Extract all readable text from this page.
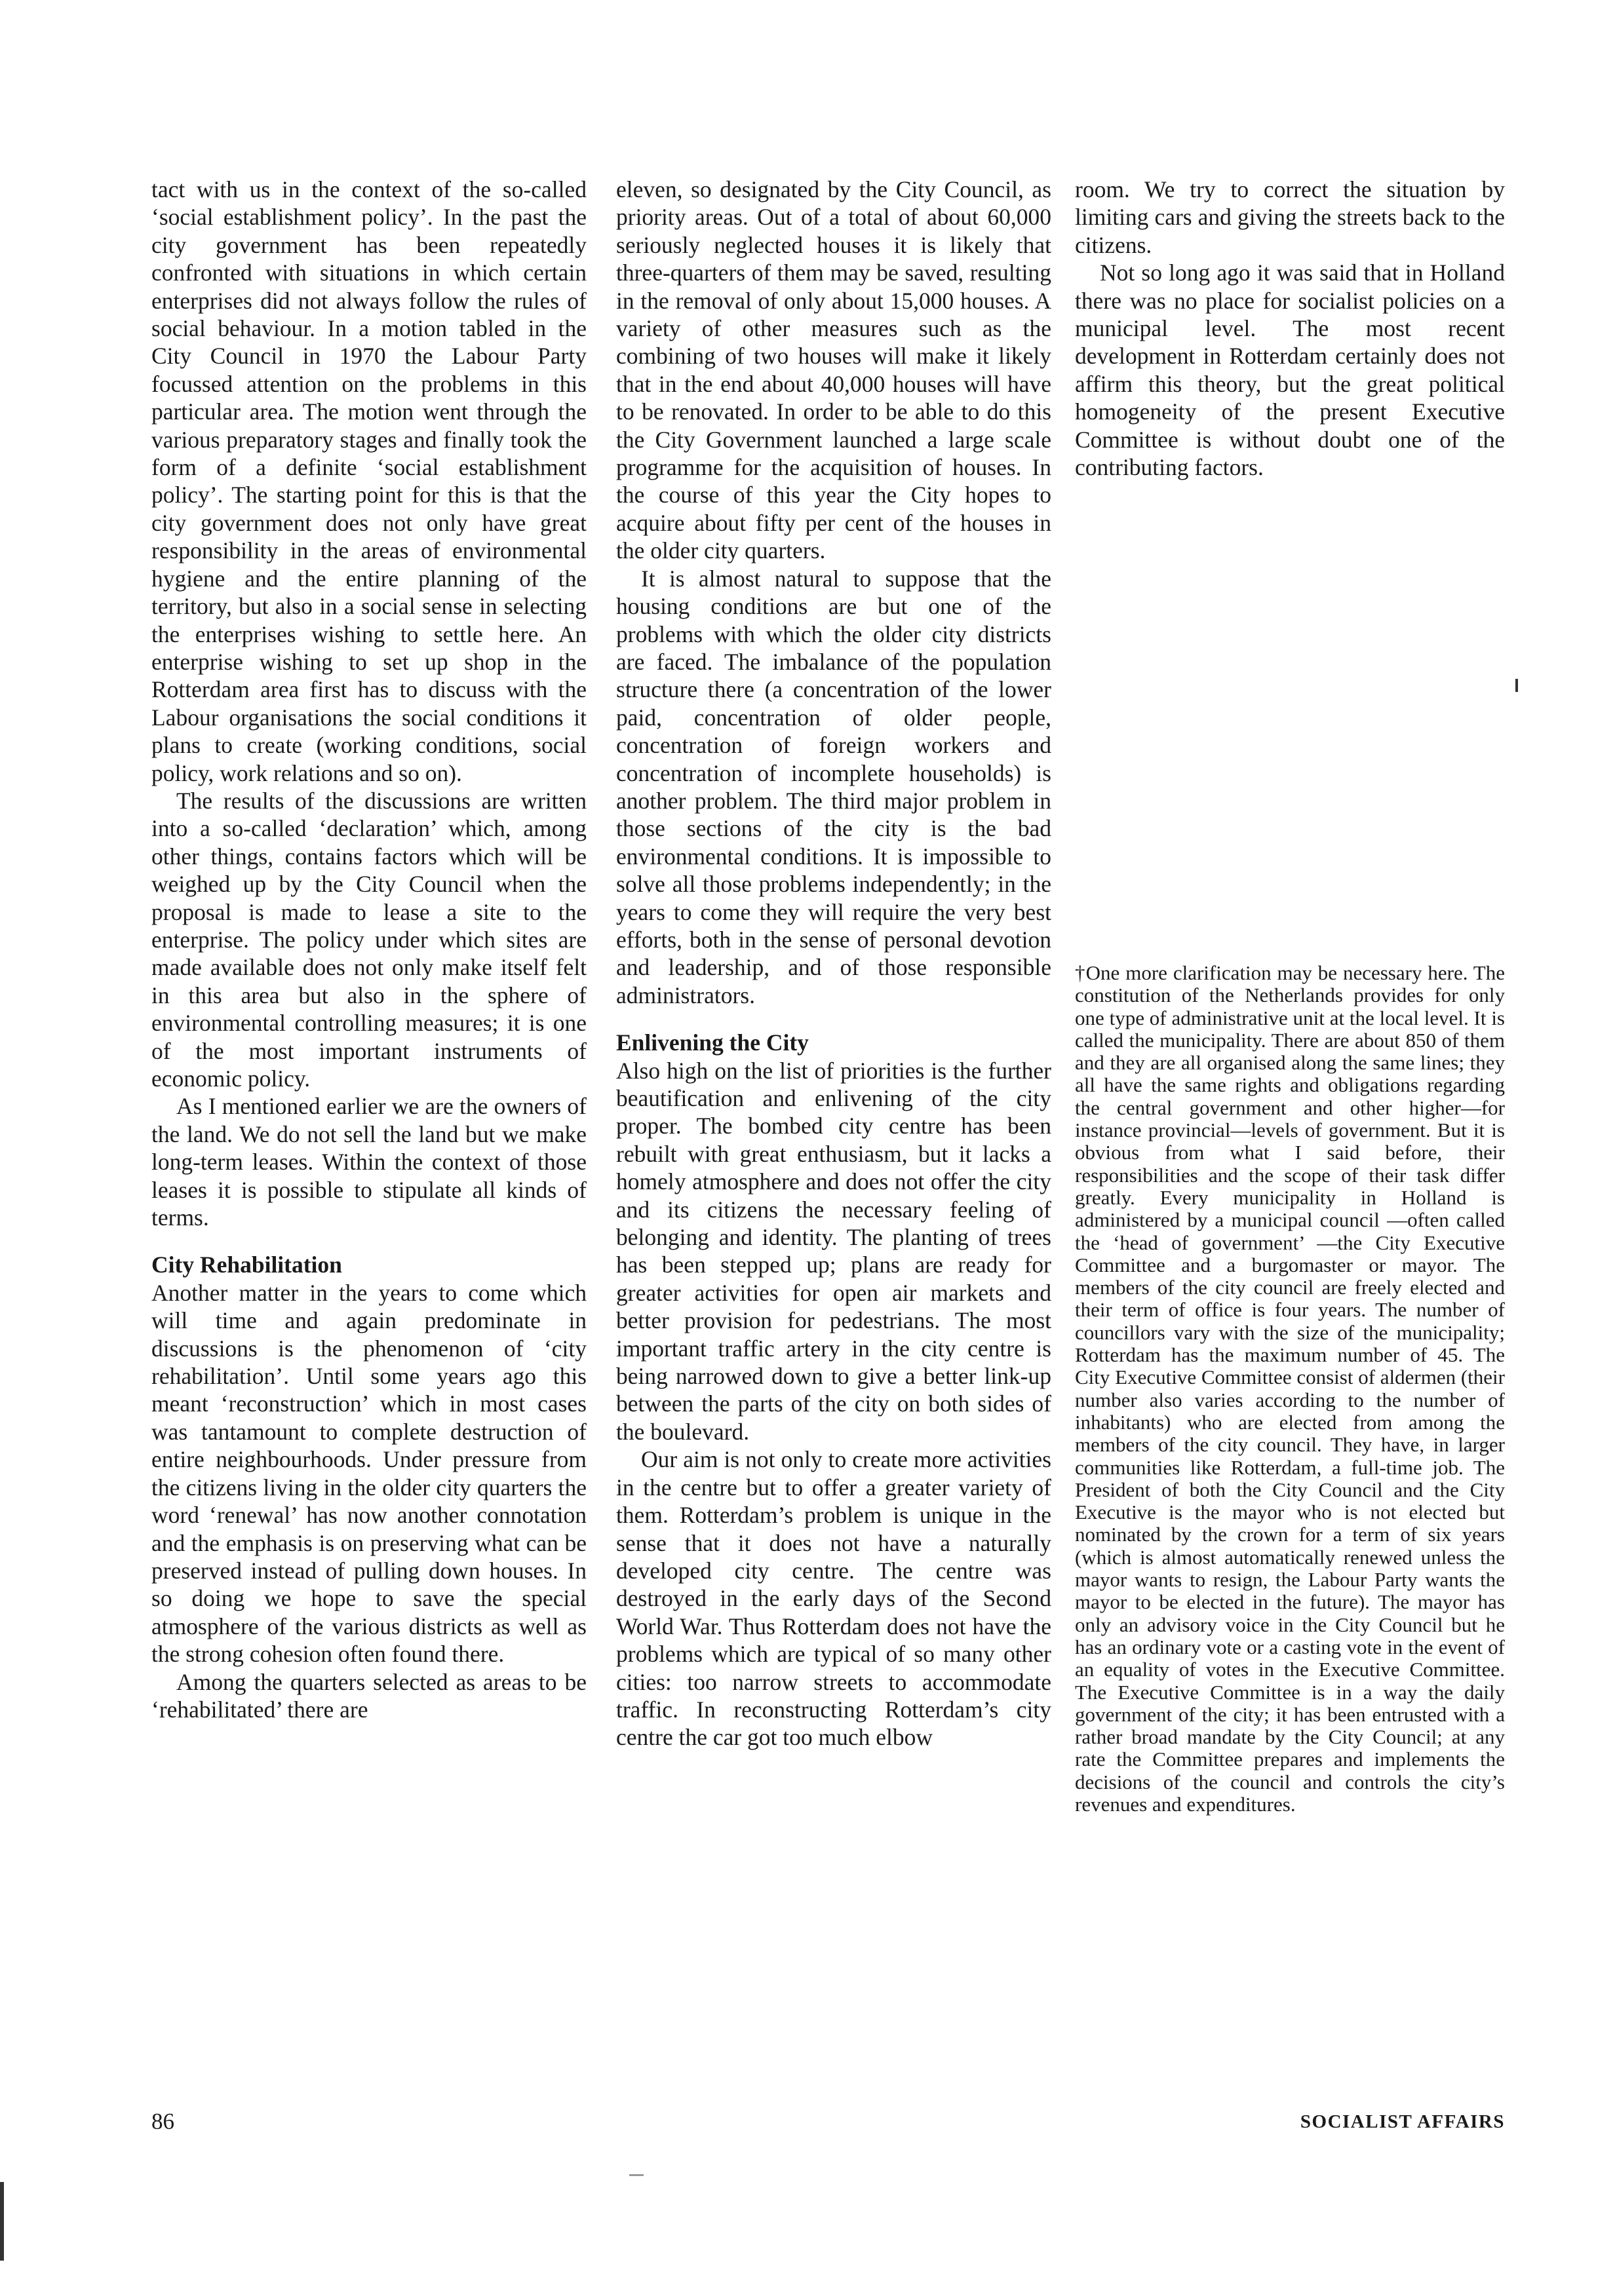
tact with us in the context of the so-called ‘social establishment policy’. In the past the city government has been repeatedly confronted with situations in which certain enterprises did not always follow the rules of social behaviour. In a motion tabled in the City Council in 1970 the Labour Party focussed attention on the problems in this particular area. The motion went through the various preparatory stages and finally took the form of a definite ‘social establishment policy’. The starting point for this is that the city government does not only have great responsibility in the areas of environmental hygiene and the entire planning of the territory, but also in a social sense in selecting the enterprises wishing to settle here. An enterprise wishing to set up shop in the Rotterdam area first has to discuss with the Labour organisations the social conditions it plans to create (working conditions, social policy, work relations and so on).

The results of the discussions are written into a so-called ‘declaration’ which, among other things, contains factors which will be weighed up by the City Council when the proposal is made to lease a site to the enterprise. The policy under which sites are made available does not only make itself felt in this area but also in the sphere of environmental controlling measures; it is one of the most important instruments of economic policy.

As I mentioned earlier we are the owners of the land. We do not sell the land but we make long-term leases. Within the context of those leases it is possible to stipulate all kinds of terms.

City Rehabilitation

Another matter in the years to come which will time and again predominate in discussions is the phenomenon of ‘city rehabilitation’. Until some years ago this meant ‘reconstruction’ which in most cases was tantamount to complete destruction of entire neighbourhoods. Under pressure from the citizens living in the older city quarters the word ‘renewal’ has now another connotation and the emphasis is on preserving what can be preserved instead of pulling down houses. In so doing we hope to save the special atmosphere of the various districts as well as the strong cohesion often found there.

Among the quarters selected as areas to be ‘rehabilitated’ there are

eleven, so designated by the City Council, as priority areas. Out of a total of about 60,000 seriously neglected houses it is likely that three-quarters of them may be saved, resulting in the removal of only about 15,000 houses. A variety of other measures such as the combining of two houses will make it likely that in the end about 40,000 houses will have to be renovated. In order to be able to do this the City Government launched a large scale programme for the acquisition of houses. In the course of this year the City hopes to acquire about fifty per cent of the houses in the older city quarters.

It is almost natural to suppose that the housing conditions are but one of the problems with which the older city districts are faced. The imbalance of the population structure there (a concentration of the lower paid, concentration of older people, concentration of foreign workers and concentration of incomplete households) is another problem. The third major problem in those sections of the city is the bad environmental conditions. It is impossible to solve all those problems independently; in the years to come they will require the very best efforts, both in the sense of personal devotion and leadership, and of those responsible administrators.

Enlivening the City

Also high on the list of priorities is the further beautification and enlivening of the city proper. The bombed city centre has been rebuilt with great enthusiasm, but it lacks a homely atmosphere and does not offer the city and its citizens the necessary feeling of belonging and identity. The planting of trees has been stepped up; plans are ready for greater activities for open air markets and better provision for pedestrians. The most important traffic artery in the city centre is being narrowed down to give a better link-up between the parts of the city on both sides of the boulevard.

Our aim is not only to create more activities in the centre but to offer a greater variety of them. Rotterdam’s problem is unique in the sense that it does not have a naturally developed city centre. The centre was destroyed in the early days of the Second World War. Thus Rotterdam does not have the problems which are typical of so many other cities: too narrow streets to accommodate traffic. In reconstructing Rotterdam’s city centre the car got too much elbow

room. We try to correct the situation by limiting cars and giving the streets back to the citizens.

Not so long ago it was said that in Holland there was no place for socialist policies on a municipal level. The most recent development in Rotterdam certainly does not affirm this theory, but the great political homogeneity of the present Executive Committee is without doubt one of the contributing factors.

†One more clarification may be necessary here. The constitution of the Netherlands provides for only one type of administrative unit at the local level. It is called the municipality. There are about 850 of them and they are all organised along the same lines; they all have the same rights and obligations regarding the central government and other higher—for instance provincial—levels of government. But it is obvious from what I said before, their responsibilities and the scope of their task differ greatly. Every municipality in Holland is administered by a municipal council —often called the ‘head of government’ —the City Executive Committee and a burgomaster or mayor. The members of the city council are freely elected and their term of office is four years. The number of councillors vary with the size of the municipality; Rotterdam has the maximum number of 45. The City Executive Committee consist of aldermen (their number also varies according to the number of inhabitants) who are elected from among the members of the city council. They have, in larger communities like Rotterdam, a full-time job. The President of both the City Council and the City Executive is the mayor who is not elected but nominated by the crown for a term of six years (which is almost automatically renewed unless the mayor wants to resign, the Labour Party wants the mayor to be elected in the future). The mayor has only an advisory voice in the City Council but he has an ordinary vote or a casting vote in the event of an equality of votes in the Executive Committee. The Executive Committee is in a way the daily government of the city; it has been entrusted with a rather broad mandate by the City Council; at any rate the Committee prepares and implements the decisions of the council and controls the city’s revenues and expenditures.

86	SOCIALIST AFFAIRS
